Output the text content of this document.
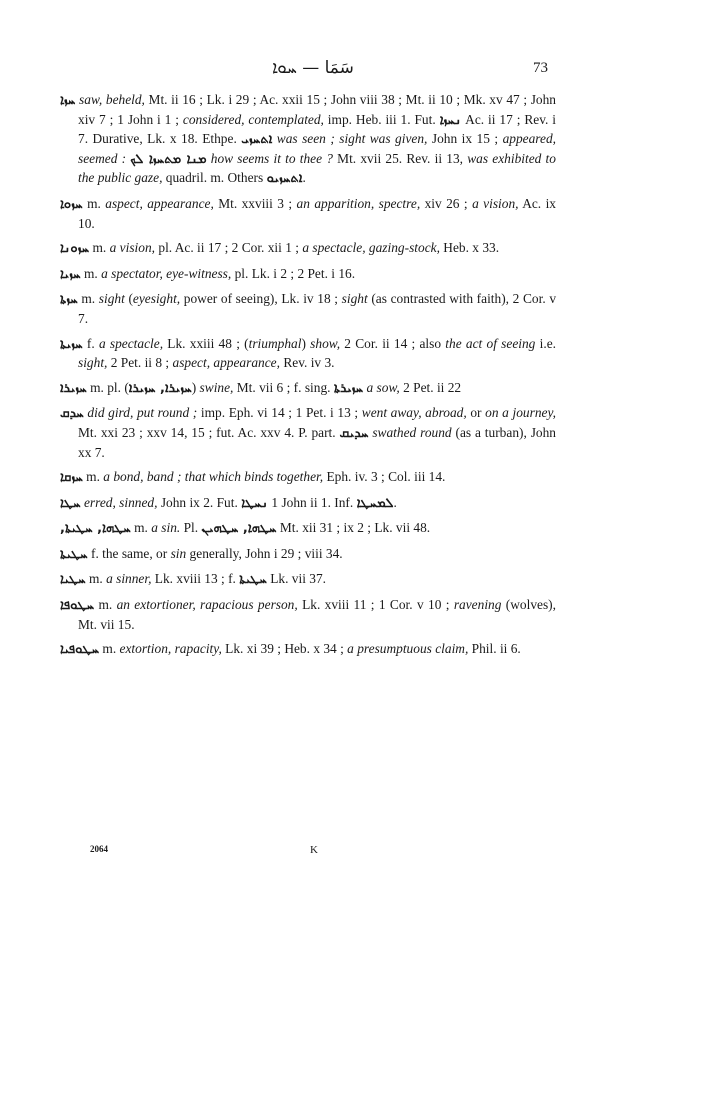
سَمَا — ܚܘܐ	73

ܚܙܐ saw, beheld, Mt. ii 16 ; Lk. i 29 ; Ac. xxii 15 ; John viii 38 ; Mt. ii 10 ; Mk. xv 47 ; John xiv 7 ; 1 John i 1 ; considered, contemplated, imp. Heb. iii 1. Fut. ܢܚܙܐ Ac. ii 17 ; Rev. i 7. Durative, Lk. x 18. Ethpe. ܐܬܚܙܝ was seen ; sight was given, John ix 15 ; appeared, seemed : ܡܢܐ ܡܬܚܙܐ ܠܟ how seems it to thee ? Mt. xvii 25. Rev. ii 13, was exhibited to the public gaze, quadril. m. Others ܐܬܚܙܝܘ.

ܚܙܘܐ m. aspect, appearance, Mt. xxviii 3 ; an apparition, spectre, xiv 26 ; a vision, Ac. ix 10.

ܚܙܘܢܐ m. a vision, pl. Ac. ii 17 ; 2 Cor. xii 1 ; a spectacle, gazing-stock, Heb. x 33.

ܚܙܝܐ m. a spectator, eye-witness, pl. Lk. i 2 ; 2 Pet. i 16.

ܚܙܬܐ m. sight (eyesight, power of seeing), Lk. iv 18 ; sight (as contrasted with faith), 2 Cor. v 7.

ܚܙܝܬܐ f. a spectacle, Lk. xxiii 48 ; (triumphal) show, 2 Cor. ii 14 ; also the act of seeing i.e. sight, 2 Pet. ii 8 ; aspect, appearance, Rev. iv 3.

ܚܙܝܪܐ m. pl. (ܚܙܝܪܐ, ܚܙܝܪܐ) swine, Mt. vii 6 ; f. sing. ܚܙܝܪܬܐ a sow, 2 Pet. ii 22

ܚܕܩ did gird, put round ; imp. Eph. vi 14 ; 1 Pet. i 13 ; went away, abroad, or on a journey, Mt. xxi 23 ; xxv 14, 15 ; fut. Ac. xxv 4. P. part. ܚܕܝܩ swathed round (as a turban), John xx 7.

ܚܙܩܐ m. a bond, band ; that which binds together, Eph. iv. 3 ; Col. iii 14.

ܚܛܐ erred, sinned, John ix 2. Fut. ܢܚܛܐ 1 John ii 1. Inf. ܠܡܚܛܐ.

ܚܛܗܐ, ܚܛܝܬܐ, m. a sin. Pl. ܚܛܗܐ, ܚܛܗܝܢ Mt. xii 31 ; ix 2 ; Lk. vii 48.

ܚܛܝܬܐ f. the same, or sin generally, John i 29 ; viii 34.

ܚܛܝܐ m. a sinner, Lk. xviii 13 ; f. ܚܛܝܬܐ Lk. vii 37.

ܚܛܘܦܐ m. an extortioner, rapacious person, Lk. xviii 11 ; 1 Cor. v 10 ; ravening (wolves), Mt. vii 15.

ܚܛܘܦܝܐ m. extortion, rapacity, Lk. xi 39 ; Heb. x 34 ; a presumptuous claim, Phil. ii 6.

2064	K
